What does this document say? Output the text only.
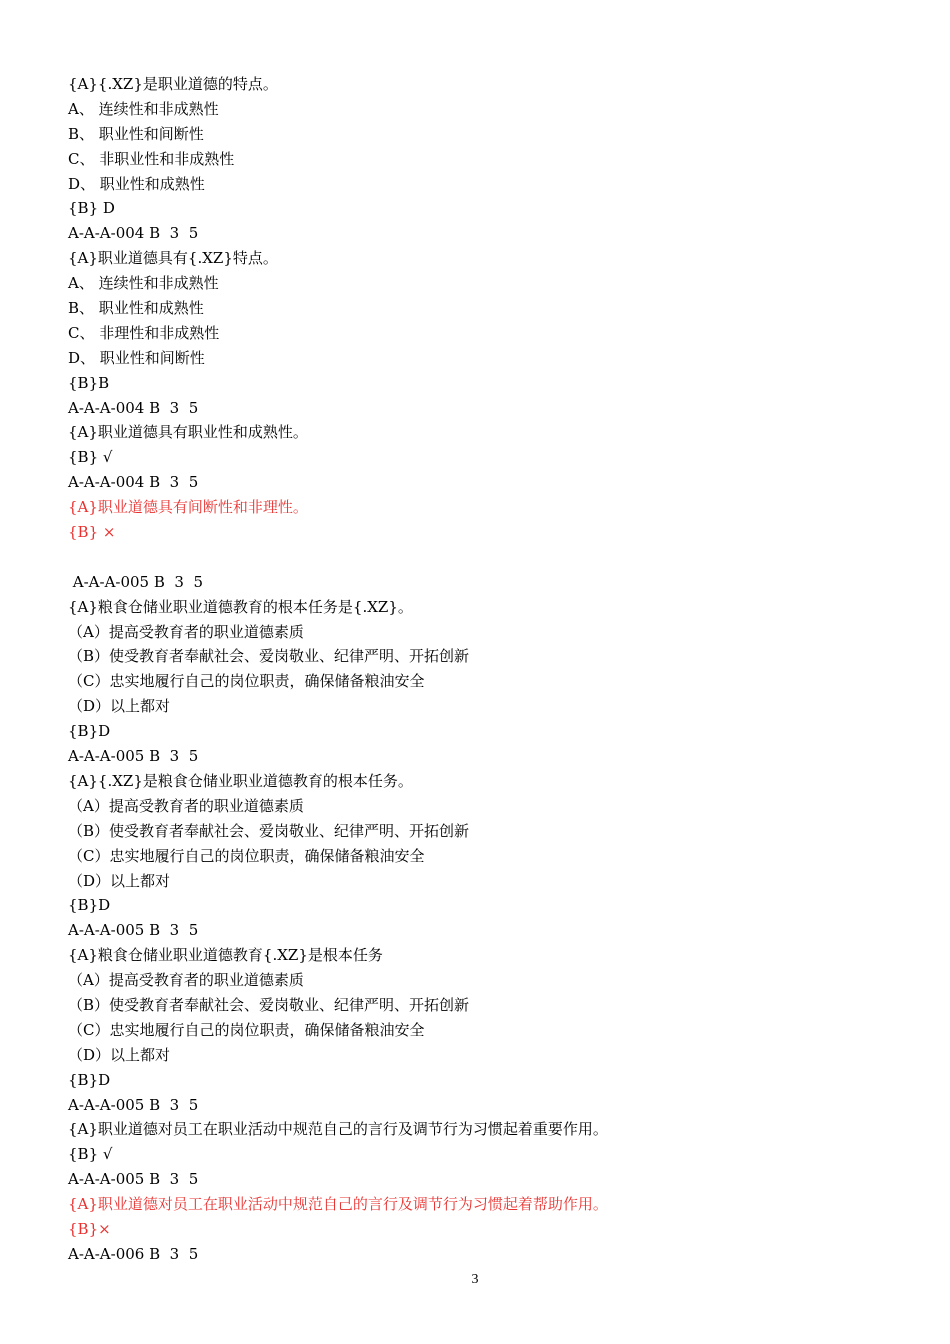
{A}{.XZ}是职业道德的特点。
A、 连续性和非成熟性
B、 职业性和间断性
C、 非职业性和非成熟性
D、 职业性和成熟性
{B} D
A-A-A-004 B  3  5
{A}职业道德具有{.XZ}特点。
A、 连续性和非成熟性
B、 职业性和成熟性
C、 非理性和非成熟性
D、 职业性和间断性
{B}B
A-A-A-004 B  3  5
{A}职业道德具有职业性和成熟性。
{B} √
A-A-A-004 B  3  5
{A}职业道德具有间断性和非理性。
{B} ×
A-A-A-005 B  3  5
{A}粮食仓储业职业道德教育的根本任务是{.XZ}。
（A）提高受教育者的职业道德素质
（B）使受教育者奉献社会、爱岗敬业、纪律严明、开拓创新
（C）忠实地履行自己的岗位职责，确保储备粮油安全
（D）以上都对
{B}D
A-A-A-005 B  3  5
{A}{.XZ}是粮食仓储业职业道德教育的根本任务。
（A）提高受教育者的职业道德素质
（B）使受教育者奉献社会、爱岗敬业、纪律严明、开拓创新
（C）忠实地履行自己的岗位职责，确保储备粮油安全
（D）以上都对
{B}D
A-A-A-005 B  3  5
{A}粮食仓储业职业道德教育{.XZ}是根本任务
（A）提高受教育者的职业道德素质
（B）使受教育者奉献社会、爱岗敬业、纪律严明、开拓创新
（C）忠实地履行自己的岗位职责，确保储备粮油安全
（D）以上都对
{B}D
A-A-A-005 B  3  5
{A}职业道德对员工在职业活动中规范自己的言行及调节行为习惯起着重要作用。
{B} √
A-A-A-005 B  3  5
{A}职业道德对员工在职业活动中规范自己的言行及调节行为习惯起着帮助作用。
{B}×
A-A-A-006 B  3  5
3
